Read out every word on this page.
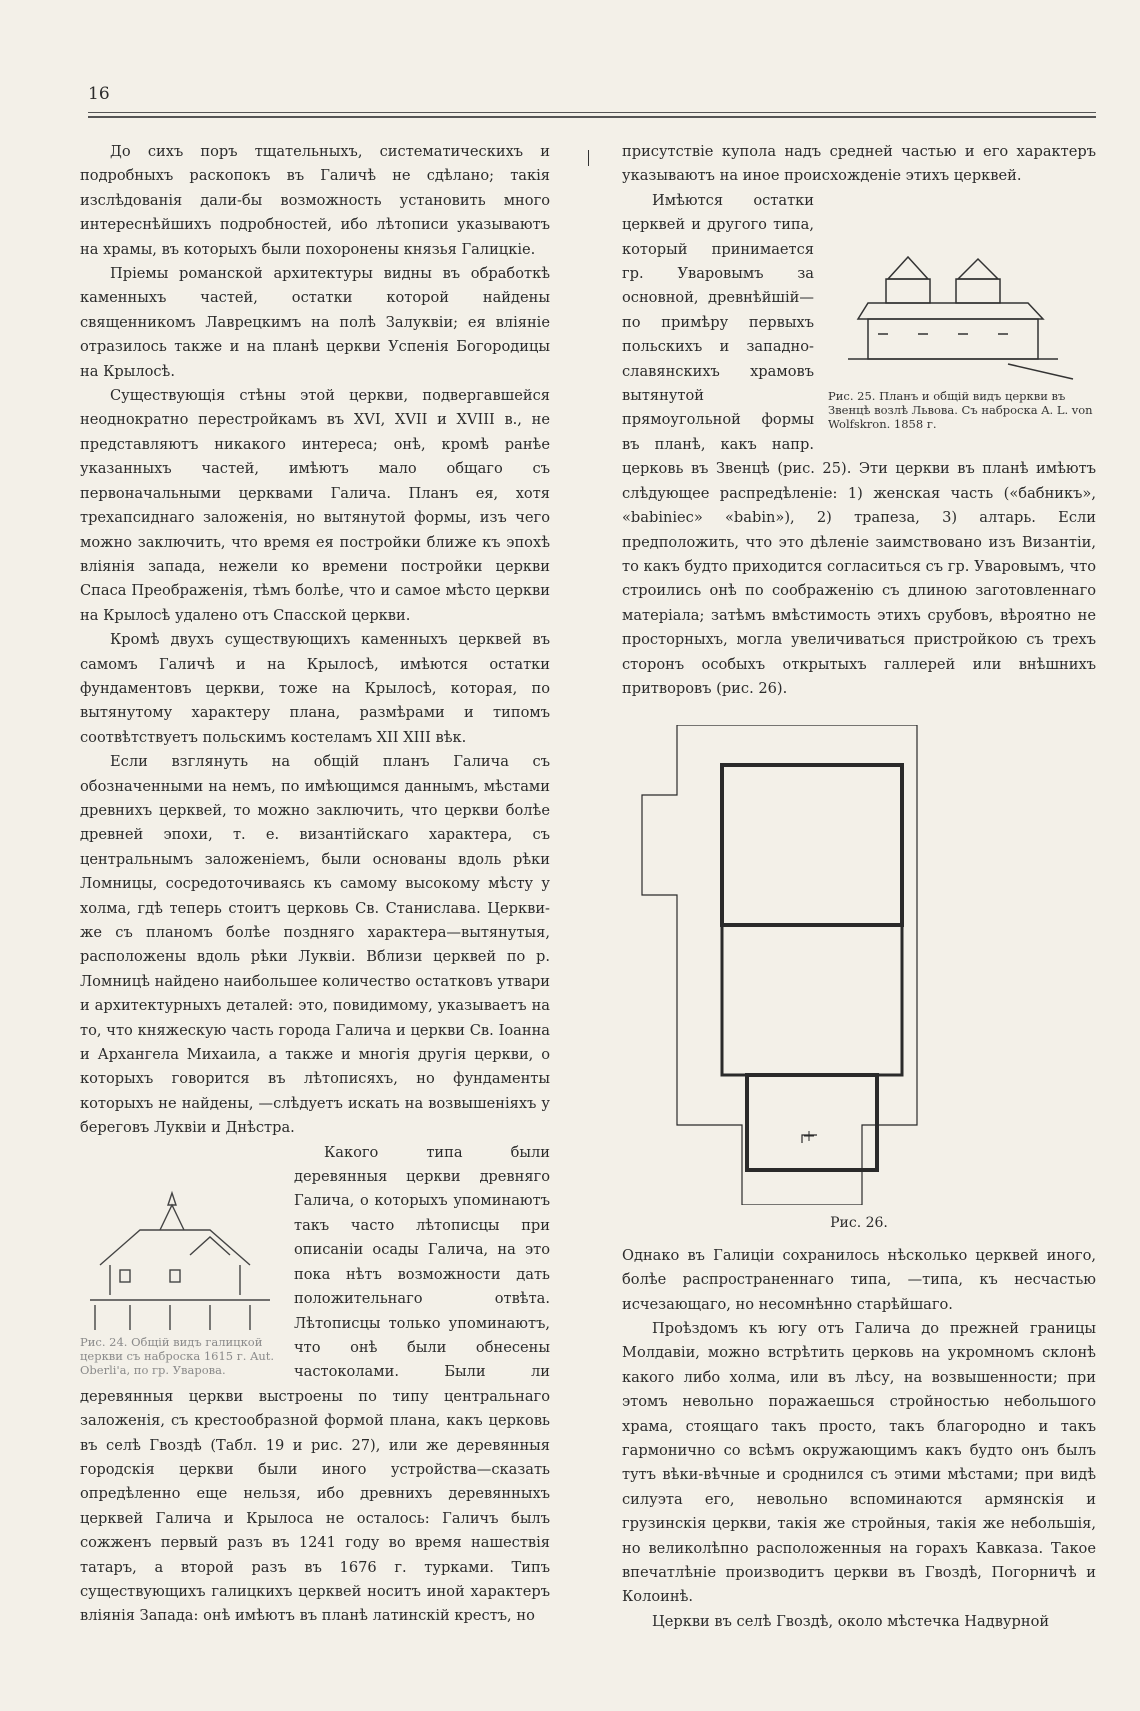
16

До сихъ поръ тщательныхъ, систематическихъ и подробныхъ раскопокъ въ Галичѣ не сдѣлано; такія изслѣдованія дали-бы возможность установить много интереснѣйшихъ подробностей, ибо лѣтописи указываютъ на храмы, въ которыхъ были похоронены князья Галицкіе.

Пріемы романской архитектуры видны въ обработкѣ каменныхъ частей, остатки которой найдены священникомъ Лаврецкимъ на полѣ Залуквіи; ея вліяніе отразилось также и на планѣ церкви Успенія Богородицы на Крылосѣ.

Существующія стѣны этой церкви, подвергавшейся неоднократно перестройкамъ въ XVI, XVII и XVIII в., не представляютъ никакого интереса; онѣ, кромѣ ранѣе указанныхъ частей, имѣютъ мало общаго съ первоначальными церквами Галича. Планъ ея, хотя трехапсиднаго заложенія, но вытянутой формы, изъ чего можно заключить, что время ея постройки ближе къ эпохѣ вліянія запада, нежели ко времени постройки церкви Спаса Преображенія, тѣмъ болѣе, что и самое мѣсто церкви на Крылосѣ удалено отъ Спасской церкви.

Кромѣ двухъ существующихъ каменныхъ церквей въ самомъ Галичѣ и на Крылосѣ, имѣются остатки фундаментовъ церкви, тоже на Крылосѣ, которая, по вытянутому характеру плана, размѣрами и типомъ соотвѣтствуетъ польскимъ костеламъ XII XIII вѣк.

Если взглянуть на общій планъ Галича съ обозначенными на немъ, по имѣющимся даннымъ, мѣстами древнихъ церквей, то можно заключить, что церкви болѣе древней эпохи, т. е. византійскаго характера, съ центральнымъ заложеніемъ, были основаны вдоль рѣки Ломницы, сосредоточиваясь къ самому высокому мѣсту у холма, гдѣ теперь стоитъ церковь Св. Станислава. Церкви-же съ планомъ болѣе поздняго характера—вытянутыя, расположены вдоль рѣки Луквіи. Вблизи церквей по р. Ломницѣ найдено наибольшее количество остатковъ утвари и архитектурныхъ деталей: это, повидимому, указываетъ на то, что княжескую часть города Галича и церкви Св. Іоанна и Архангела Михаила, а также и многія другія церкви, о которыхъ говорится въ лѣтописяхъ, но фундаменты которыхъ не найдены, —слѣдуетъ искать на возвышеніяхъ у береговъ Луквіи и Днѣстра.

Рис. 24. Общій видъ галицкой церкви съ наброска 1615 г. Aut. Oberli'a, по гр. Уварова.

Какого типа были деревянныя церкви древняго Галича, о которыхъ упоминаютъ такъ часто лѣтописцы при описаніи осады Галича, на это пока нѣтъ возможности дать положительнаго отвѣта. Лѣтописцы только упоминаютъ, что онѣ были обнесены частоколами. Были ли деревянныя церкви выстроены по типу центральнаго заложенія, съ крестообразной формой плана, какъ церковь въ селѣ Гвоздѣ (Табл. 19 и рис. 27), или же деревянныя городскія церкви были иного устройства—сказать опредѣленно еще нельзя, ибо древнихъ деревянныхъ церквей Галича и Крылоса не осталось: Галичъ былъ сожженъ первый разъ въ 1241 году во время нашествія татаръ, а второй разъ въ 1676 г. турками. Типъ существующихъ галицкихъ церквей носитъ иной характеръ вліянія Запада: онѣ имѣютъ въ планѣ латинскій крестъ, но

присутствіе купола надъ средней частью и его характеръ указываютъ на иное происхожденіе этихъ церквей.

Рис. 25. Планъ и общій видъ церкви въ Звенцѣ возлѣ Львова. Съ наброска A. L. von Wolfskron. 1858 г.

Имѣются остатки церквей и другого типа, который принимается гр. Уваровымъ за основной, древнѣйшій—по примѣру первыхъ польскихъ и западно-славянскихъ храмовъ вытянутой прямоугольной формы въ планѣ, какъ напр. церковь въ Звенцѣ (рис. 25). Эти церкви въ планѣ имѣютъ слѣдующее распредѣленіе: 1) женская часть («бабникъ», «babiniec» «babin»), 2) трапеза, 3) алтарь. Если предположить, что это дѣленіе заимствовано изъ Византіи, то какъ будто приходится согласиться съ гр. Уваровымъ, что строились онѣ по соображенію съ длиною заготовленнаго матеріала; затѣмъ вмѣстимость этихъ срубовъ, вѣроятно не просторныхъ, могла увеличиваться пристройкою съ трехъ сторонъ особыхъ открытыхъ галлерей или внѣшнихъ притворовъ (рис. 26).

Рис. 26.

Однако въ Галиціи сохранилось нѣсколько церквей иного, болѣе распространеннаго типа, —типа, къ несчастью исчезающаго, но несомнѣнно старѣйшаго.

Проѣздомъ къ югу отъ Галича до прежней границы Молдавіи, можно встрѣтить церковь на укромномъ склонѣ какого либо холма, или въ лѣсу, на возвышенности; при этомъ невольно поражаешься стройностью небольшого храма, стоящаго такъ просто, такъ благородно и такъ гармонично со всѣмъ окружающимъ какъ будто онъ былъ тутъ вѣки-вѣчные и сроднился съ этими мѣстами; при видѣ силуэта его, невольно вспоминаются армянскія и грузинскія церкви, такія же стройныя, такія же небольшія, но великолѣпно расположенныя на горахъ Кавказа. Такое впечатлѣніе производитъ церкви въ Гвоздѣ, Погорничѣ и Колоинѣ.

Церкви въ селѣ Гвоздѣ, около мѣстечка Надвурной
